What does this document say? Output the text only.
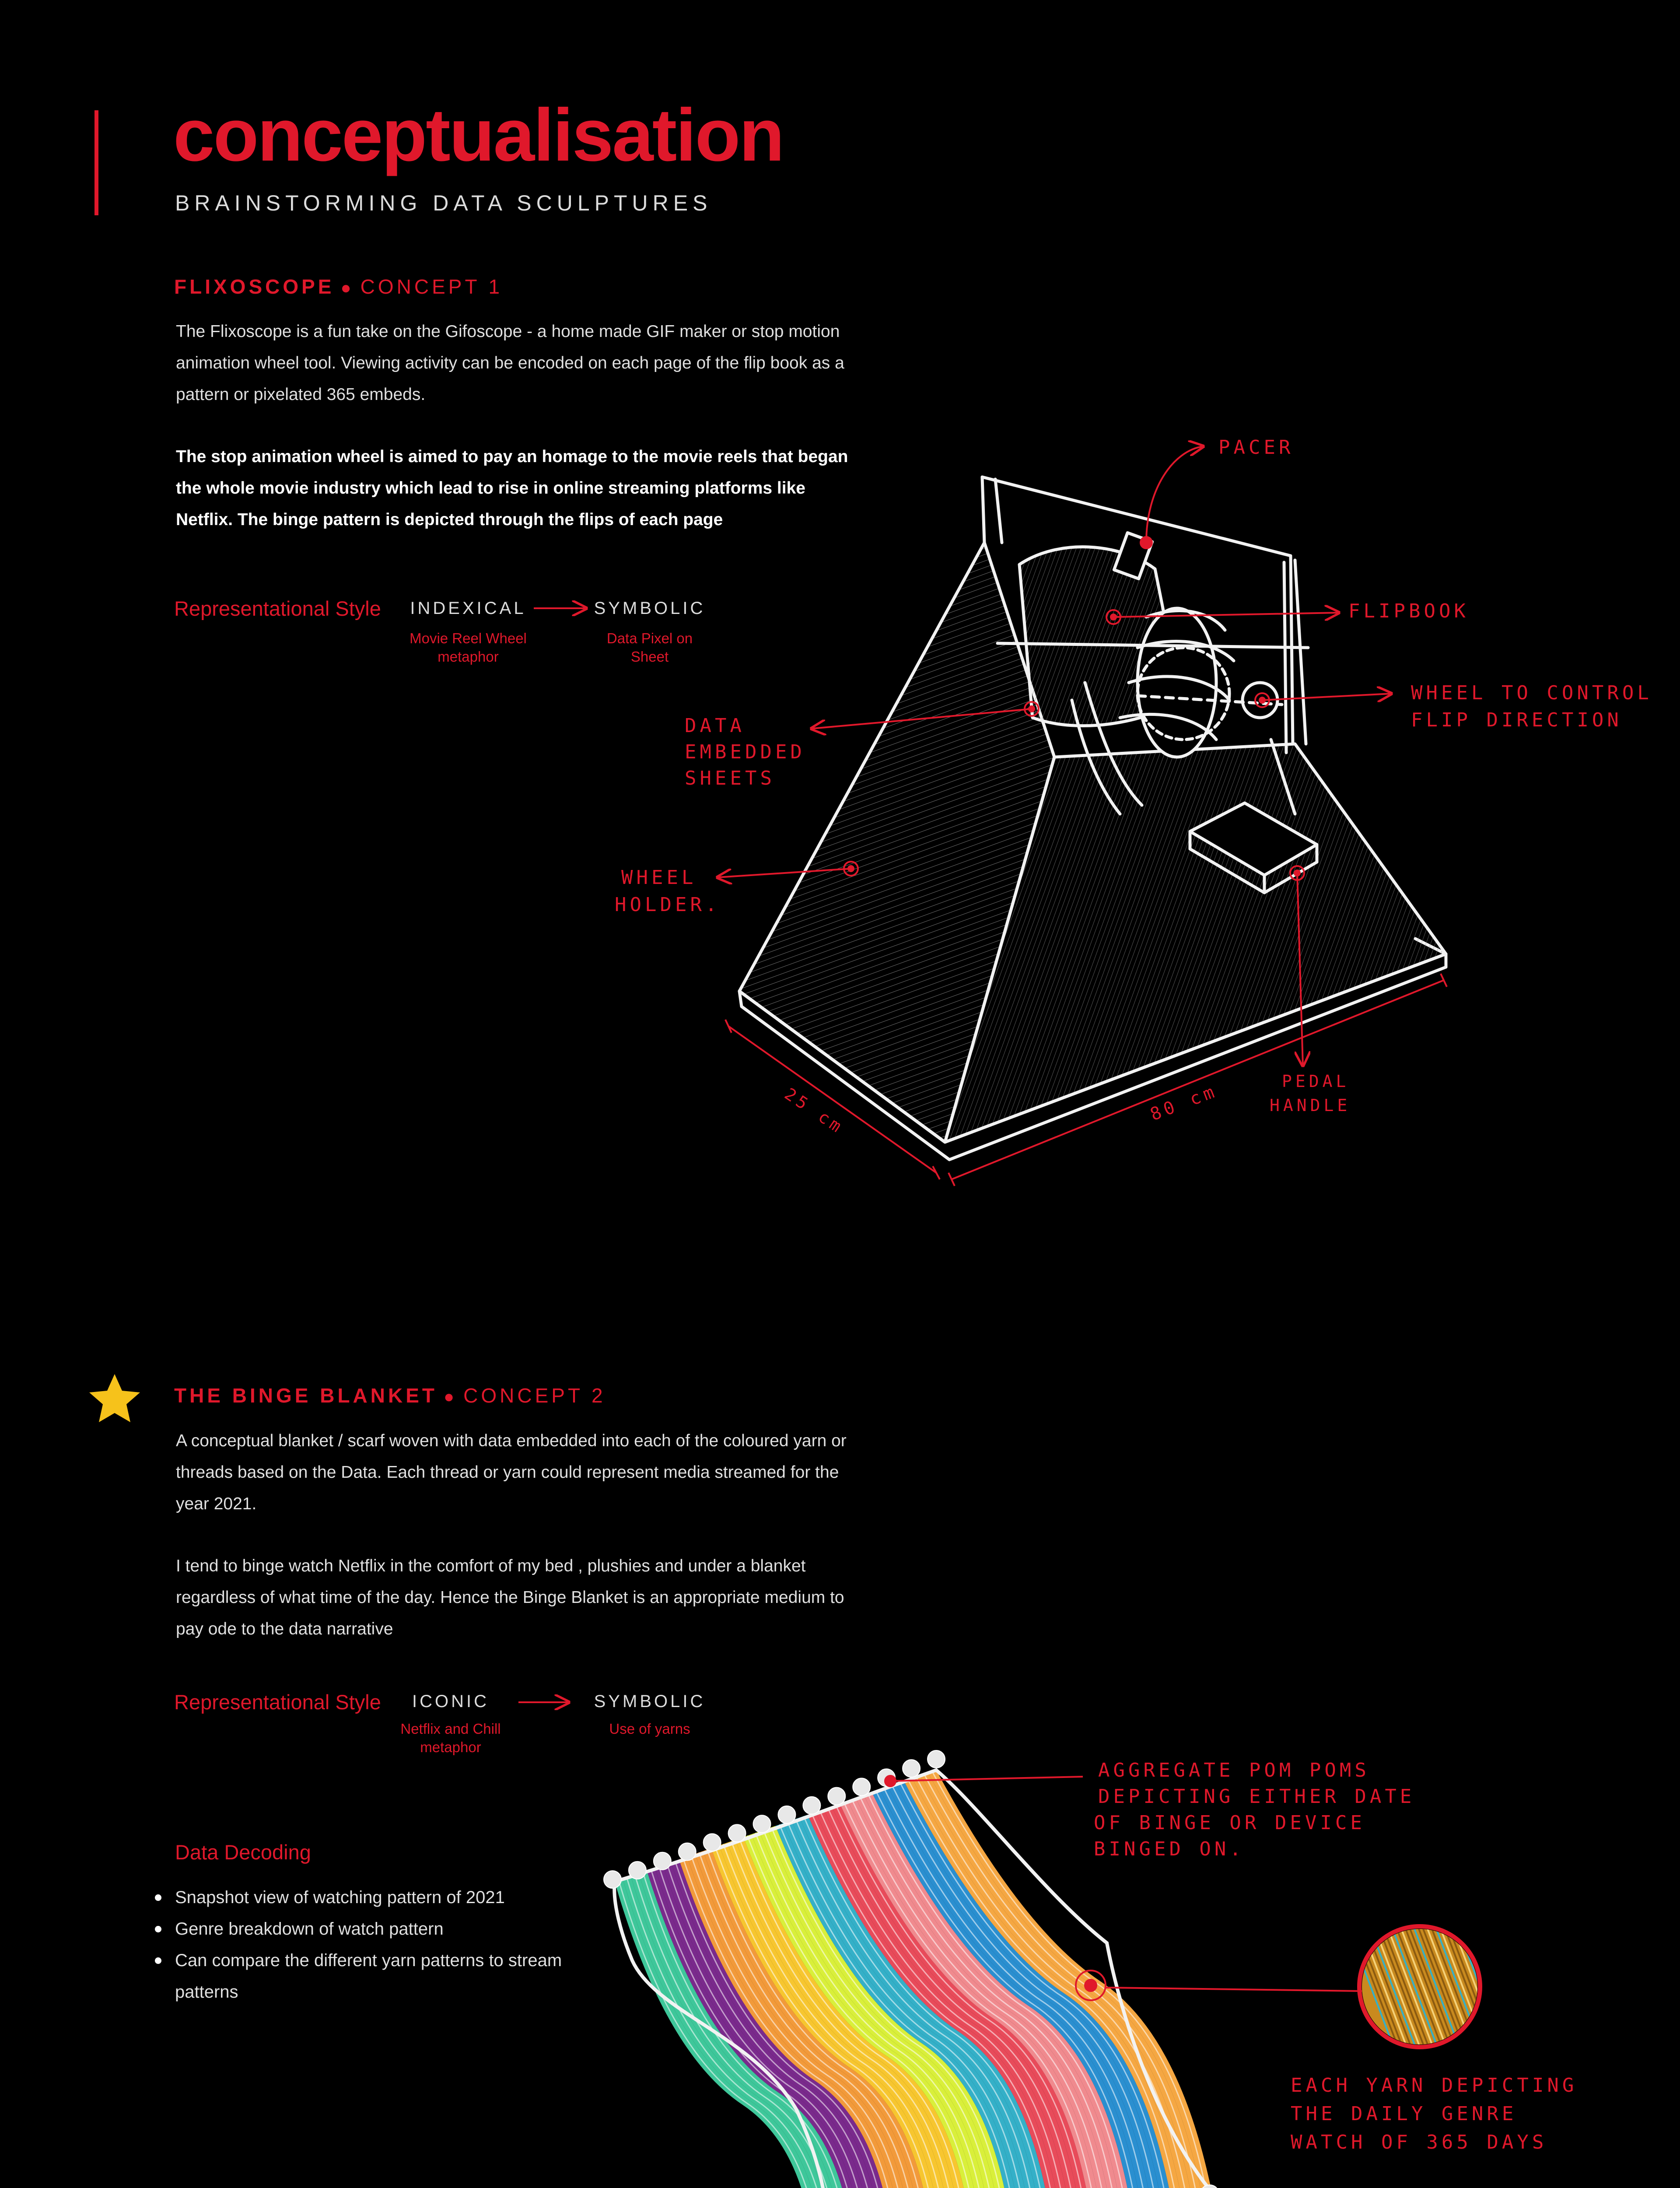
conceptualisation
BRAINSTORMING DATA SCULPTURES
FLIXOSCOPE ● CONCEPT 1
The Flixoscope is a fun take on the Gifoscope - a home made GIF maker or stop motion animation wheel tool. Viewing activity can be encoded on each page of the flip book as a pattern or pixelated 365 embeds.
The stop animation wheel is aimed to pay an homage to the movie reels that began the whole movie industry which lead to rise in online streaming platforms like Netflix. The binge pattern is depicted through the flips of each page
Representational Style	INDEXICAL	SYMBOLIC
Movie Reel Wheel metaphor
Data Pixel on Sheet
THE BINGE BLANKET ● CONCEPT 2
A conceptual blanket / scarf woven with data embedded into each of the coloured yarn or threads based on the Data. Each thread or yarn could represent media streamed for the year 2021.
I tend to binge watch Netflix in the comfort of my bed , plushies and under a blanket regardless of what time of the day. Hence the Binge Blanket is an appropriate medium to pay ode to the data narrative
Representational Style	ICONIC	SYMBOLIC
Netflix and Chill metaphor
Use of yarns
Data Decoding
Snapshot view of watching pattern of 2021
Genre breakdown of watch pattern
Can compare the different yarn patterns to stream patterns
PACER
FLIPBOOK
WHEEL TO CONTROL
FLIP DIRECTION
DATA
EMBEDDED
SHEETS
WHEEL
HOLDER.
PEDAL
HANDLE
25 cm	80 cm
AGGREGATE POM POMS
DEPICTING EITHER DATE
OF BINGE OR DEVICE
BINGED ON.
EACH YARN DEPICTING
THE DAILY GENRE
WATCH OF 365 DAYS
